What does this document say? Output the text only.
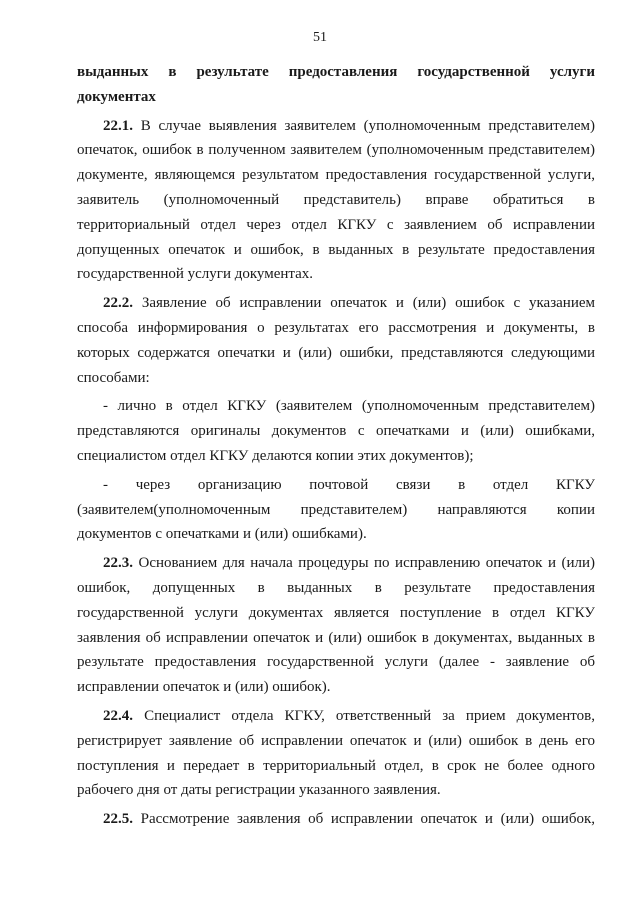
51
выданных в результате предоставления государственной услуги
документах
22.1. В случае выявления заявителем (уполномоченным представителем)
опечаток, ошибок в полученном заявителем (уполномоченным представителем)
документе, являющемся результатом предоставления государственной услуги,
заявитель (уполномоченный представитель) вправе обратиться в
территориальный отдел через отдел КГКУ с заявлением об исправлении
допущенных опечаток и ошибок, в выданных в результате предоставления
государственной услуги документах.
22.2. Заявление об исправлении опечаток и (или) ошибок с указанием
способа информирования о результатах его рассмотрения и документы, в
которых содержатся опечатки и (или) ошибки, представляются следующими
способами:
- лично в отдел КГКУ (заявителем (уполномоченным представителем)
представляются оригиналы документов с опечатками и (или) ошибками,
специалистом отдел КГКУ делаются копии этих документов);
- через организацию почтовой связи в отдел КГКУ
(заявителем(уполномоченным представителем) направляются копии
документов с опечатками и (или) ошибками).
22.3. Основанием для начала процедуры по исправлению опечаток и (или)
ошибок, допущенных в выданных в результате предоставления
государственной услуги документах является поступление в отдел КГКУ
заявления об исправлении опечаток и (или) ошибок в документах, выданных в
результате предоставления государственной услуги (далее - заявление об
исправлении опечаток и (или) ошибок).
22.4. Специалист отдела КГКУ, ответственный за прием документов,
регистрирует заявление об исправлении опечаток и (или) ошибок в день его
поступления и передает в территориальный отдел, в срок не более одного
рабочего дня от даты регистрации указанного заявления.
22.5. Рассмотрение заявления об исправлении опечаток и (или) ошибок,
